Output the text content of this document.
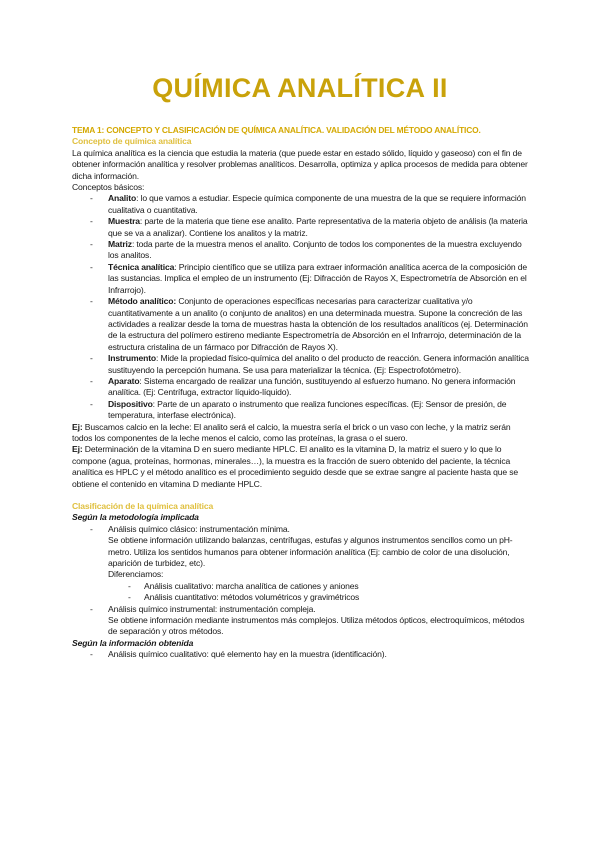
QUÍMICA ANALÍTICA II

TEMA 1: CONCEPTO Y CLASIFICACIÓN DE QUÍMICA ANALÍTICA. VALIDACIÓN DEL MÉTODO ANALÍTICO.

Concepto de química analítica

La química analítica es la ciencia que estudia la materia (que puede estar en estado sólido, líquido y gaseoso) con el fin de obtener información analítica y resolver problemas analíticos. Desarrolla, optimiza y aplica procesos de medida para obtener dicha información.

Conceptos básicos:

- Analito: lo que vamos a estudiar. Especie química componente de una muestra de la que se requiere información cualitativa o cuantitativa.

- Muestra: parte de la materia que tiene ese analito. Parte representativa de la materia objeto de análisis (la materia que se va a analizar). Contiene los analitos y la matriz.

- Matriz: toda parte de la muestra menos el analito. Conjunto de todos los componentes de la muestra excluyendo los analitos.

- Técnica analítica: Principio científico que se utiliza para extraer información analítica acerca de la composición de las sustancias. Implica el empleo de un instrumento (Ej: Difracción de Rayos X, Espectrometría de Absorción en el Infrarrojo).

- Método analítico: Conjunto de operaciones específicas necesarias para caracterizar cualitativa y/o cuantitativamente a un analito (o conjunto de analitos) en una determinada muestra. Supone la concreción de las actividades a realizar desde la toma de muestras hasta la obtención de los resultados analíticos (ej. Determinación de la estructura del polímero estireno mediante Espectrometría de Absorción en el Infrarrojo, determinación de la estructura cristalina de un fármaco por Difracción de Rayos X).

- Instrumento: Mide la propiedad físico-química del analito o del producto de reacción. Genera información analítica sustituyendo la percepción humana. Se usa para materializar la técnica. (Ej: Espectrofotómetro).

- Aparato: Sistema encargado de realizar una función, sustituyendo al esfuerzo humano. No genera información analítica. (Ej: Centrífuga, extractor líquido-líquido).

- Dispositivo: Parte de un aparato o instrumento que realiza funciones específicas. (Ej: Sensor de presión, de temperatura, interfase electrónica).

Ej: Buscamos calcio en la leche: El analito será el calcio, la muestra sería el brick o un vaso con leche, y la matriz serán todos los componentes de la leche menos el calcio, como las proteínas, la grasa o el suero.

Ej: Determinación de la vitamina D en suero mediante HPLC. El analito es la vitamina D, la matriz el suero y lo que lo compone (agua, proteínas, hormonas, minerales…), la muestra es la fracción de suero obtenido del paciente, la técnica analítica es HPLC y el método analítico es el procedimiento seguido desde que se extrae sangre al paciente hasta que se obtiene el contenido en vitamina D mediante HPLC.

Clasificación de la química analítica

Según la metodología implicada

- Análisis químico clásico: instrumentación mínima.

Se obtiene información utilizando balanzas, centrífugas, estufas y algunos instrumentos sencillos como un pH-metro. Utiliza los sentidos humanos para obtener información analítica (Ej: cambio de color de una disolución, aparición de turbidez, etc).

Diferenciamos:

- Análisis cualitativo: marcha analítica de cationes y aniones

- Análisis cuantitativo: métodos volumétricos y gravimétricos

- Análisis químico instrumental: instrumentación compleja.

Se obtiene información mediante instrumentos más complejos. Utiliza métodos ópticos, electroquímicos, métodos de separación y otros métodos.

Según la información obtenida

- Análisis químico cualitativo: qué elemento hay en la muestra (identificación).
